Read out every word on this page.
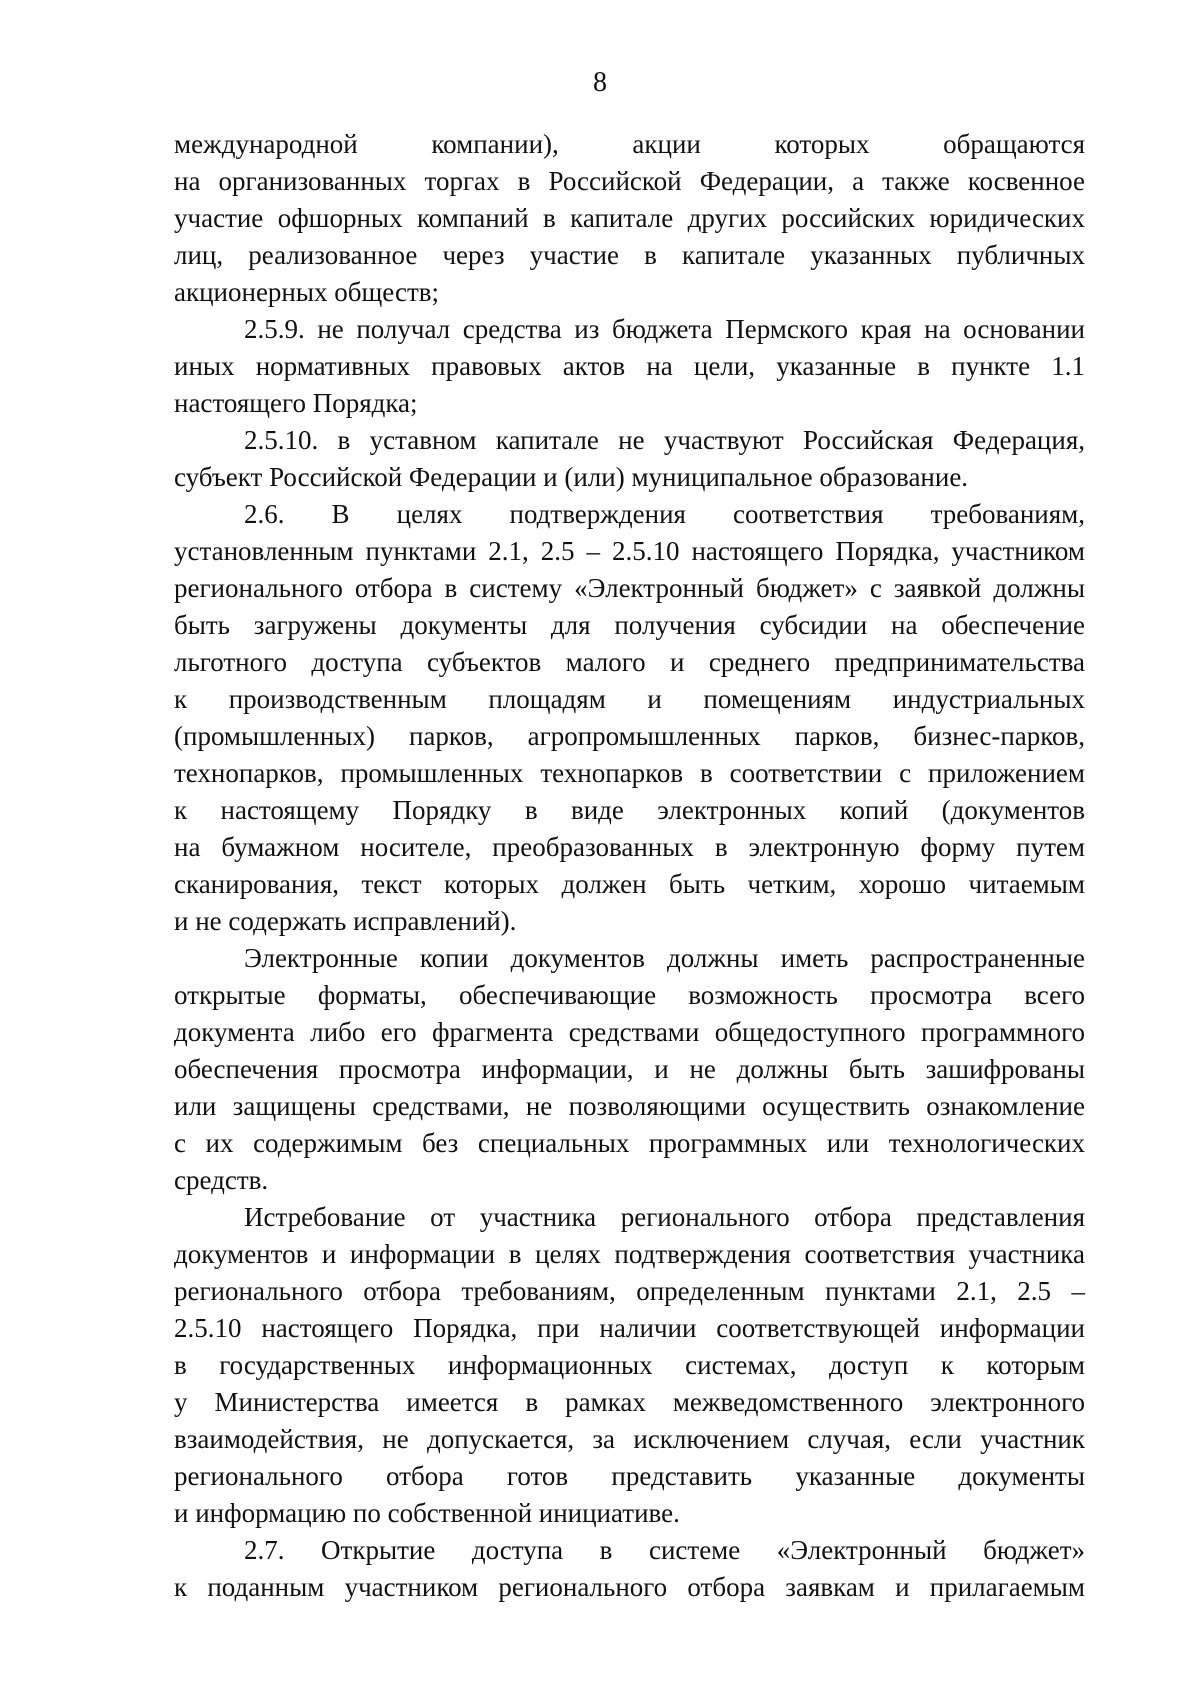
8
международной компании), акции которых обращаются
на организованных торгах в Российской Федерации, а также косвенное
участие офшорных компаний в капитале других российских юридических
лиц, реализованное через участие в капитале указанных публичных
акционерных обществ;
2.5.9. не получал средства из бюджета Пермского края на основании
иных нормативных правовых актов на цели, указанные в пункте 1.1
настоящего Порядка;
2.5.10. в уставном капитале не участвуют Российская Федерация,
субъект Российской Федерации и (или) муниципальное образование.
2.6. В целях подтверждения соответствия требованиям,
установленным пунктами 2.1, 2.5 – 2.5.10 настоящего Порядка, участником
регионального отбора в систему «Электронный бюджет» с заявкой должны
быть загружены документы для получения субсидии на обеспечение
льготного доступа субъектов малого и среднего предпринимательства
к производственным площадям и помещениям индустриальных
(промышленных) парков, агропромышленных парков, бизнес-парков,
технопарков, промышленных технопарков в соответствии с приложением
к настоящему Порядку в виде электронных копий (документов
на бумажном носителе, преобразованных в электронную форму путем
сканирования, текст которых должен быть четким, хорошо читаемым
и не содержать исправлений).
Электронные копии документов должны иметь распространенные
открытые форматы, обеспечивающие возможность просмотра всего
документа либо его фрагмента средствами общедоступного программного
обеспечения просмотра информации, и не должны быть зашифрованы
или защищены средствами, не позволяющими осуществить ознакомление
с их содержимым без специальных программных или технологических
средств.
Истребование от участника регионального отбора представления
документов и информации в целях подтверждения соответствия участника
регионального отбора требованиям, определенным пунктами 2.1, 2.5 –
2.5.10 настоящего Порядка, при наличии соответствующей информации
в государственных информационных системах, доступ к которым
у Министерства имеется в рамках межведомственного электронного
взаимодействия, не допускается, за исключением случая, если участник
регионального отбора готов представить указанные документы
и информацию по собственной инициативе.
2.7. Открытие доступа в системе «Электронный бюджет»
к поданным участником регионального отбора заявкам и прилагаемым
